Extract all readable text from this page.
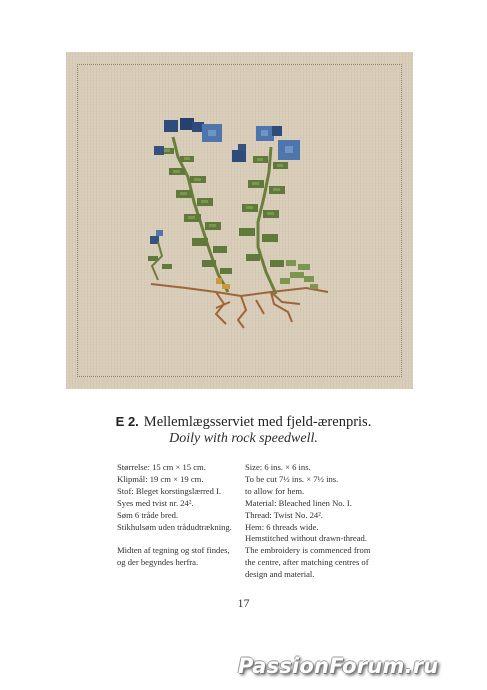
E 2. Mellemlægsserviet med fjeld-ærenpris.
Doily with rock speedwell.
Størrelse: 15 cm × 15 cm.
Klipmål: 19 cm × 19 cm.
Stof: Bleget korstingslærred I.
Syes med tvist nr. 24².
Søm 6 tråde bred.
Stikhulsøm uden trådudtrækning.
Midten af tegning og stof findes,
og der begyndes herfra.
Size: 6 ins. × 6 ins.
To be cut 7½ ins. × 7½ ins.
to allow for hem.
Material: Bleached linen No. I.
Thread: Twist No. 24².
Hem: 6 threads wide.
Hemstitched without drawn-thread.
The embroidery is commenced from
the centre, after matching centres of
design and material.
17
PassionForum.ru
